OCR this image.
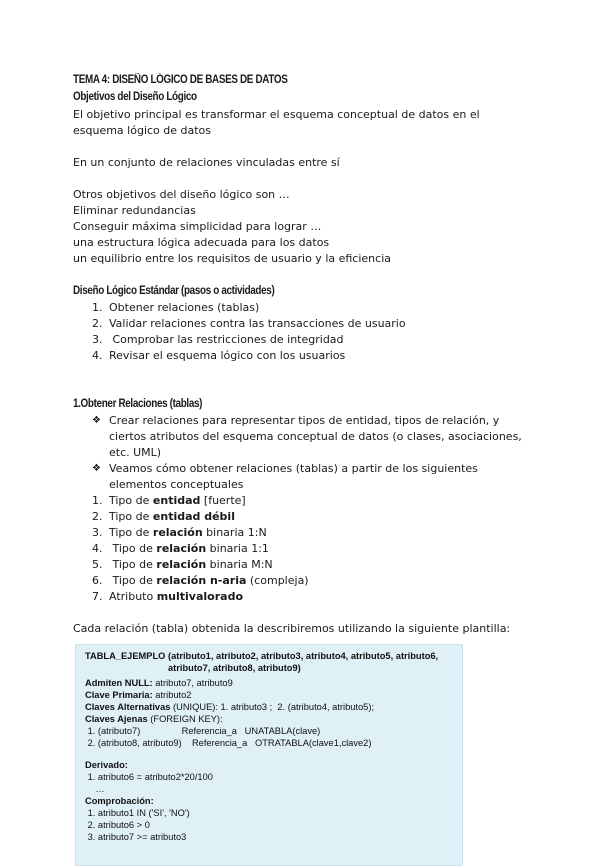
TEMA 4: DISEÑO LÓGICO DE BASES DE DATOS
Objetivos del Diseño Lógico
El objetivo principal es transformar el esquema conceptual de datos en el
esquema lógico de datos
En un conjunto de relaciones vinculadas entre sí
Otros objetivos del diseño lógico son …
Eliminar redundancias
Conseguir máxima simplicidad para lograr …
una estructura lógica adecuada para los datos
un equilibrio entre los requisitos de usuario y la eficiencia
Diseño Lógico Estándar (pasos o actividades)
1. Obtener relaciones (tablas)
2. Validar relaciones contra las transacciones de usuario
3. Comprobar las restricciones de integridad
4. Revisar el esquema lógico con los usuarios
1.Obtener Relaciones (tablas)
❖ Crear relaciones para representar tipos de entidad, tipos de relación, y
ciertos atributos del esquema conceptual de datos (o clases, asociaciones,
etc. UML)
❖ Veamos cómo obtener relaciones (tablas) a partir de los siguientes
elementos conceptuales
1. Tipo de entidad [fuerte]
2. Tipo de entidad débil
3. Tipo de relación binaria 1:N
4. Tipo de relación binaria 1:1
5. Tipo de relación binaria M:N
6. Tipo de relación n-aria (compleja)
7. Atributo multivalorado
Cada relación (tabla) obtenida la describiremos utilizando la siguiente plantilla:
TABLA_EJEMPLO (atributo1, atributo2, atributo3, atributo4, atributo5, atributo6,
atributo7, atributo8, atributo9)
Admiten NULL: atributo7, atributo9
Clave Primaria: atributo2
Claves Alternativas (UNIQUE): 1. atributo3 ;  2. (atributo4, atributo5);
Claves Ajenas (FOREIGN KEY):
1. (atributo7)                Referencia_a   UNATABLA(clave)
2. (atributo8, atributo9)    Referencia_a   OTRATABLA(clave1,clave2)
Derivado:
1. atributo6 = atributo2*20/100
…
Comprobación:
1. atributo1 IN ('SI', 'NO')
2. atributo6 > 0
3. atributo7 >= atributo3
